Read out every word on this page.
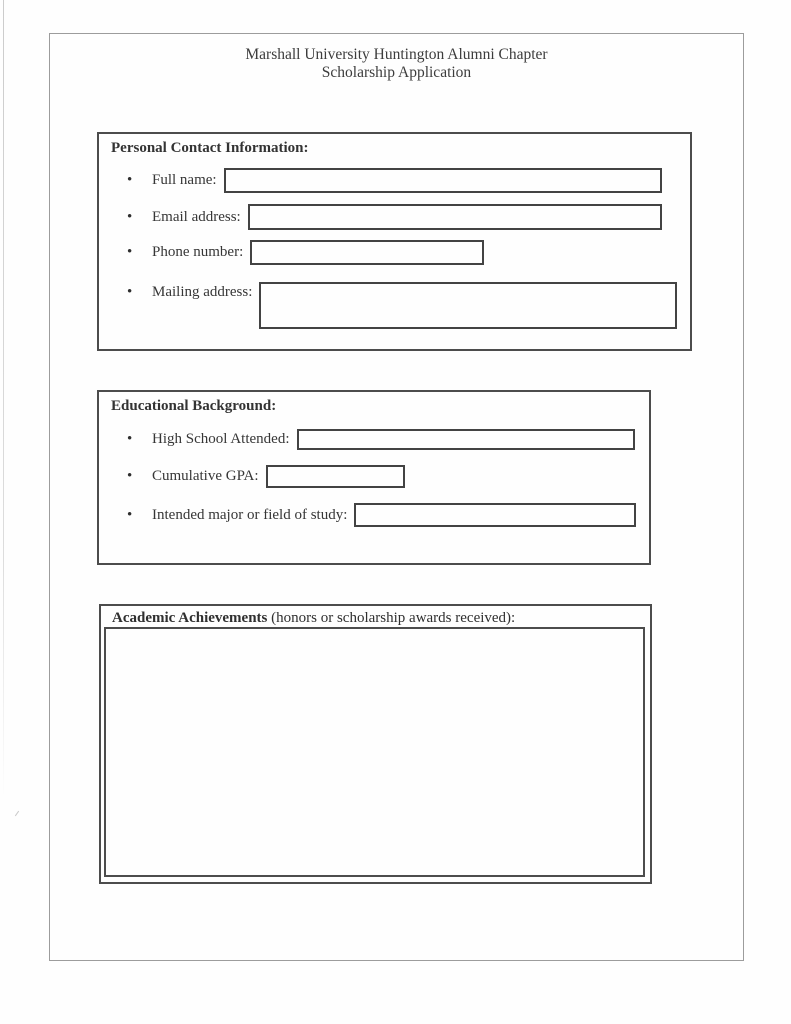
Marshall University Huntington Alumni Chapter
Scholarship Application
Personal Contact Information:
•	Full name:
•	Email address:
•	Phone number:
•	Mailing address:
Educational Background:
•	High School Attended:
•	Cumulative GPA:
•	Intended major or field of study:
Academic Achievements (honors or scholarship awards received):
